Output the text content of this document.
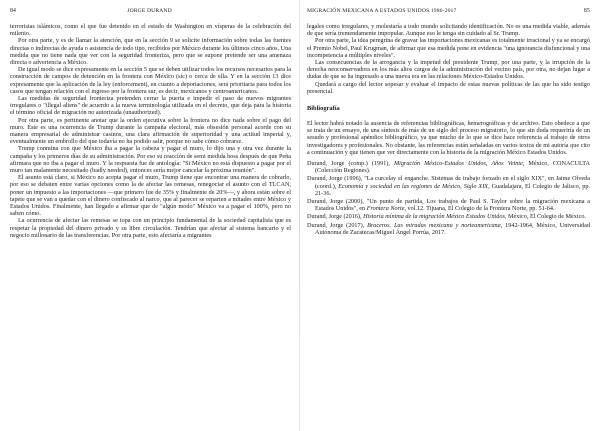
84	JORGE DURAND

terroristas islámicos, como el que fue detenido en el estado de Washington en vísperas de la celebración del milenio.

Por otra parte, y es de llamar la atención, que en la sección 9 se solicite información sobre todas las fuentes directas o indirectas de ayuda o asistencia de todo tipo, recibidos por México durante los últimos cinco años. Una medida que no tiene nada que ver con la seguridad fronteriza, pero que se supone pretende ser una amenaza directa o advertencia a México.

De igual modo se dice expresamente en la sección 5 que se deben utilizar todos los recursos necesarios para la construcción de campos de detención en la frontera con México (sic) o cerca de ella. Y en la sección 13 dice expresamente que la aplicación de la ley (enforcement), en cuanto a deportaciones, será prioritaria para todos los casos que tengan relación con el ingreso por la frontera sur, es decir, mexicanos y centroamericanos.

Las medidas de seguridad fronteriza pretenden cerrar la puerta e impedir el paso de nuevos migrantes irregulares o "illegal aliens" de acuerdo a la nueva terminología utilizada en el decreto, que deja para la historia el término oficial de migración no autorizada (unauthorized).

Por otra parte, es pertinente anotar que la orden ejecutiva sobre la frontera no dice nada sobre el pago del muro. Éste es una ocurrencia de Trump durante la campaña electoral, más obsesión personal acorde con su manera empresarial de administrar casinos, una clara afirmación de superioridad y una actitud imperial y, eventualmente un embrollo del que todavía no ha podido salir, porque no sabe cómo cobrarse.

Trump conmina con que México iba a pagar la cabeza y pagar el muro, lo dijo una y otra vez durante la campaña y los primeros días de su administración. Por eso su reacción de semi medida hoss después de que Peña afirmara que no iba a pagar el muro. Y la respuesta fue de antología: "Si México no está dispuesto a pagar por el muro tan malamente necesitado (badly needed), entonces sería mejor cancelar la próxima reunión".

El asunto está claro, si México no acepta pagar el muro, Trump tiene que encontrar una manera de cobrarlo, por eso se debaten entre varias opciones como la de afectar las remesas, renegociar el asunto con el TLCAN, poner un impuesto a las importaciones —que primero fue de 35% y finalmente de 20%—, y ahora están sobre el tapete que se van a quedar con el dinero confiscado al narco, que al parecer se reparten a mitades entre México y Estados Unidos. Finalmente, han llegado a afirmar que de "algún modo" México va a pagar el 100%, pero no saben cómo.

La ocurrencia de afectar las remesas se topa con un principio fundamental de la sociedad capitalista que es respetar la propiedad del dinero privado y su libre circulación. Tendrían que afectar al sistema bancario y el negocio millonario de las transferencias. Por otra parte, esto afectaría a migrantes

MIGRACIÓN MEXICANA A ESTADOS UNIDOS 1986-2017	85

legales como irregulares, y molestaría a todo mundo solicitando identificación. No es una medida viable, además de que sería tremendamente impopular. Aunque eso le tenga sin cuidado al Sr. Trump.

Por otra parte, la idea peregrina de gravar las importaciones mexicanas es totalmente irracional y ya se encargó el Premio Nobel, Paul Krugman, de afirmar que esa medida pone en evidencia "una ignorancia disfuncional y una incompetencia a múltiples niveles".

Las consecuencias de la arrogancia y la impetud del presidente Trump, por una parte, y la irrupción de la derecha neoconservadora en los más altos cargos de la administración del vecino país, por otra, no dejan lugar a dudas de que se ha ingresado a una nueva era en las relaciones México-Estados Unidos.

Quedará a cargo del lector sopesar y evaluar el impacto de estas nuevas políticas de las que ha sido testigo presencial.

Bibliografía

El lector habrá notado la ausencia de referencias bibliográficas, hemerográficas y de archivo. Esto obedece a que se trata de un ensayo, de una síntesis de más de un siglo del proceso migratorio, lo que sin duda requeriría de un sesudo y profesional apéndice bibliográfico, ya que mucho de lo que se dice hace referencia al trabajo de otros investigadores y profesionales. No obstante, las referencias están señaladas en varios textos de mi autoría que cito a continuación y que tienen que ver directamente con la historia de la migración México Estados Unidos.

Durand, Jorge (comp.) (1991), Migración México-Estados Unidos, Años Veinte, México, CONACULTA (Colección Regiones).

Durand, Jorge (1996), "La curcelay el enganche. Sistemas de trabajo forzado en el siglo XIX", en Jaime Olveda (coord.), Economía y sociedad en las regiones de México, Siglo XIX, Guadalajara, El Colegio de Jalisco, pp. 21-36.

Durand, Jorge (2000), "Un punto de partida, Los trabajos de Paul S. Taylor sobre la migración mexicana a Estados Unidos", en Frontera Norte, vol.12. Tijuana, El Colegio de la Frontera Norte, pp. 51-64.

Durand, Jorge (2016), Historia mínima de la migración México Estados Unidos, México, El Colegio de México.

Durand, Jorge (2017), Braceros. Las miradas mexicana y norteamericana, 1942-1964, México, Universidad Autónoma de Zacatecas/Miguel Ángel Porrúa, 2017.
